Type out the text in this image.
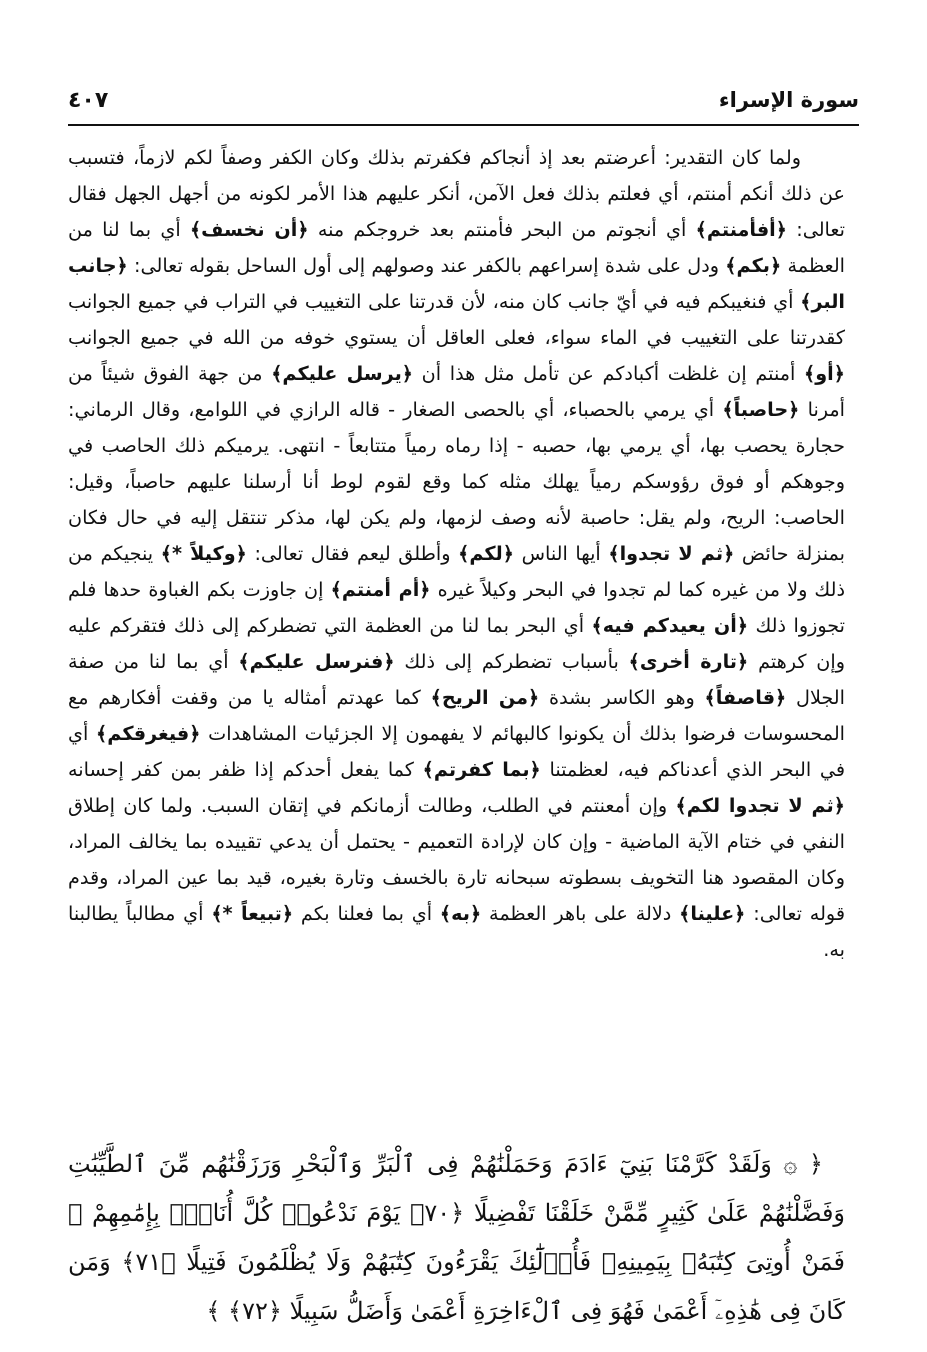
سورة الإسراء
٤٠٧

ولما كان التقدير: أعرضتم بعد إذ أنجاكم فكفرتم بذلك وكان الكفر وصفاً لكم لازماً، فتسبب عن ذلك أنكم أمنتم، أي فعلتم بذلك فعل الآمن، أنكر عليهم هذا الأمر لكونه من أجهل الجهل فقال تعالى: ﴿أفأمنتم﴾ أي أنجوتم من البحر فأمنتم بعد خروجكم منه ﴿أن نخسف﴾ أي بما لنا من العظمة ﴿بكم﴾ ودل على شدة إسراعهم بالكفر عند وصولهم إلى أول الساحل بقوله تعالى: ﴿جانب البر﴾ أي فنغيبكم فيه في أيّ جانب كان منه، لأن قدرتنا على التغييب في التراب في جميع الجوانب كقدرتنا على التغييب في الماء سواء، فعلى العاقل أن يستوي خوفه من الله في جميع الجوانب ﴿أو﴾ أمنتم إن غلظت أكبادكم عن تأمل مثل هذا أن ﴿يرسل عليكم﴾ من جهة الفوق شيئاً من أمرنا ﴿حاصباً﴾ أي يرمي بالحصباء، أي بالحصى الصغار - قاله الرازي في اللوامع، وقال الرماني: حجارة يحصب بها، أي يرمي بها، حصبه - إذا رماه رمياً متتابعاً - انتهى. يرميكم ذلك الحاصب في وجوهكم أو فوق رؤوسكم رمياً يهلك مثله كما وقع لقوم لوط أنا أرسلنا عليهم حاصباً، وقيل: الحاصب: الريح، ولم يقل: حاصبة لأنه وصف لزمها، ولم يكن لها، مذكر تنتقل إليه في حال فكان بمنزلة حائض ﴿ثم لا تجدوا﴾ أيها الناس ﴿لكم﴾ وأطلق ليعم فقال تعالى: ﴿وكيلاً *﴾ ينجيكم من ذلك ولا من غيره كما لم تجدوا في البحر وكيلاً غيره ﴿أم أمنتم﴾ إن جاوزت بكم الغباوة حدها فلم تجوزوا ذلك ﴿أن يعيدكم فيه﴾ أي البحر بما لنا من العظمة التي تضطركم إلى ذلك فتقركم عليه وإن كرهتم ﴿تارة أخرى﴾ بأسباب تضطركم إلى ذلك ﴿فنرسل عليكم﴾ أي بما لنا من صفة الجلال ﴿قاصفاً﴾ وهو الكاسر بشدة ﴿من الريح﴾ كما عهدتم أمثاله يا من وقفت أفكارهم مع المحسوسات فرضوا بذلك أن يكونوا كالبهائم لا يفهمون إلا الجزئيات المشاهدات ﴿فيغرقكم﴾ أي في البحر الذي أعدناكم فيه، لعظمتنا ﴿بما كفرتم﴾ كما يفعل أحدكم إذا ظفر بمن كفر إحسانه ﴿ثم لا تجدوا لكم﴾ وإن أمعنتم في الطلب، وطالت أزمانكم في إتقان السبب. ولما كان إطلاق النفي في ختام الآية الماضية - وإن كان لإرادة التعميم - يحتمل أن يدعي تقييده بما يخالف المراد، وكان المقصود هنا التخويف بسطوته سبحانه تارة بالخسف وتارة بغيره، قيد بما عين المراد، وقدم قوله تعالى: ﴿علينا﴾ دلالة على باهر العظمة ﴿به﴾ أي بما فعلنا بكم ﴿تبيعاً *﴾ أي مطالباً يطالبنا به.

﴿ ۞ وَلَقَدْ كَرَّمْنَا بَنِيٓ ءَادَمَ وَحَمَلْنَٰهُمْ فِى ٱلْبَرِّ وَٱلْبَحْرِ وَرَزَقْنَٰهُم مِّنَ ٱلطَّيِّبَٰتِ وَفَضَّلْنَٰهُمْ عَلَىٰ كَثِيرٍ مِّمَّنْ خَلَقْنَا تَفْضِيلًا ﴿٧٠﴾ يَوْمَ نَدْعُوا۟ كُلَّ أُنَاسٍۭ بِإِمَٰمِهِمْ ۖ فَمَنْ أُوتِىَ كِتَٰبَهُۥ بِيَمِينِهِۦ فَأُو۟لَٰٓئِكَ يَقْرَءُونَ كِتَٰبَهُمْ وَلَا يُظْلَمُونَ فَتِيلًا ﴿٧١﴾ وَمَن كَانَ فِى هَٰذِهِۦٓ أَعْمَىٰ فَهُوَ فِى ٱلْءَاخِرَةِ أَعْمَىٰ وَأَضَلُّ سَبِيلًا ﴿٧٢﴾ ﴾
